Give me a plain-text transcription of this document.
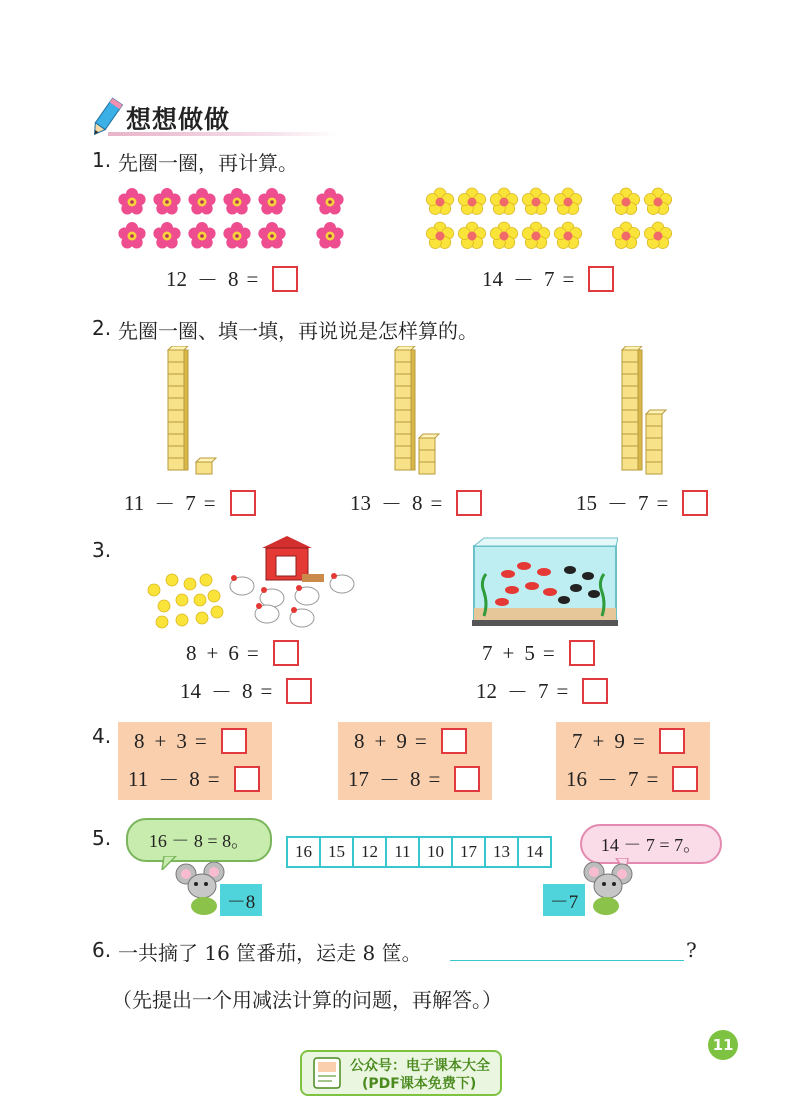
想想做做
1. 先圈一圈，再计算。
12 － 8 =	14 － 7 =
2. 先圈一圈、填一填，再说说是怎样算的。
11 － 7 =	13 － 8 =	15 － 7 =
3.
8 + 6 =
14 － 8 =
7 + 5 =
12 － 7 =
4. 8 + 3 =
11 － 8 =
8 + 9 =
17 － 8 =
7 + 9 =
16 － 7 =
5.	16 － 8 = 8。	14 － 7 = 7。
16 15 12 11 10 17 13 14
－8	－7
6. 一共摘了 16 筐番茄，运走 8 筐。	?
（先提出一个用减法计算的问题，再解答。）
11
公众号：电子课本大全
(PDF课本免费下)
